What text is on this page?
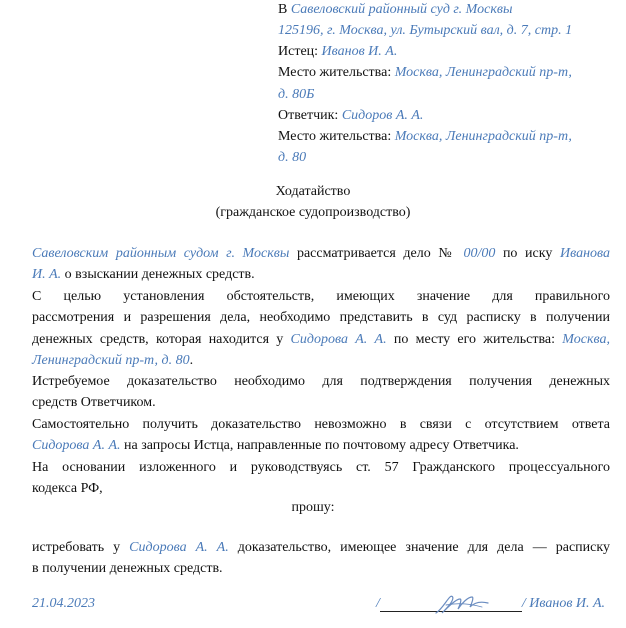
В Савеловский районный суд г. Москвы
125196, г. Москва, ул. Бутырский вал, д. 7, стр. 1
Истец: Иванов И. А.
Место жительства: Москва, Ленинградский пр-т,
д. 80Б
Ответчик: Сидоров А. А.
Место жительства: Москва, Ленинградский пр-т,
д. 80
Ходатайство
(гражданское судопроизводство)
Савеловским районным судом г. Москвы рассматривается дело № 00/00 по иску Иванова
И. А. о взыскании денежных средств.
С целью установления обстоятельств, имеющих значение для правильного
рассмотрения и разрешения дела, необходимо представить в суд расписку в получении
денежных средств, которая находится у Сидорова А. А. по месту его жительства: Москва,
Ленинградский пр-т, д. 80.
Истребуемое доказательство необходимо для подтверждения получения денежных
средств Ответчиком.
Самостоятельно получить доказательство невозможно в связи с отсутствием ответа
Сидорова А. А. на запросы Истца, направленные по почтовому адресу Ответчика.
На основании изложенного и руководствуясь ст. 57 Гражданского процессуального
кодекса РФ,
прошу:
истребовать у Сидорова А. А. доказательство, имеющее значение для дела — расписку
в получении денежных средств.
21.04.2023	/	/ Иванов И. А.
